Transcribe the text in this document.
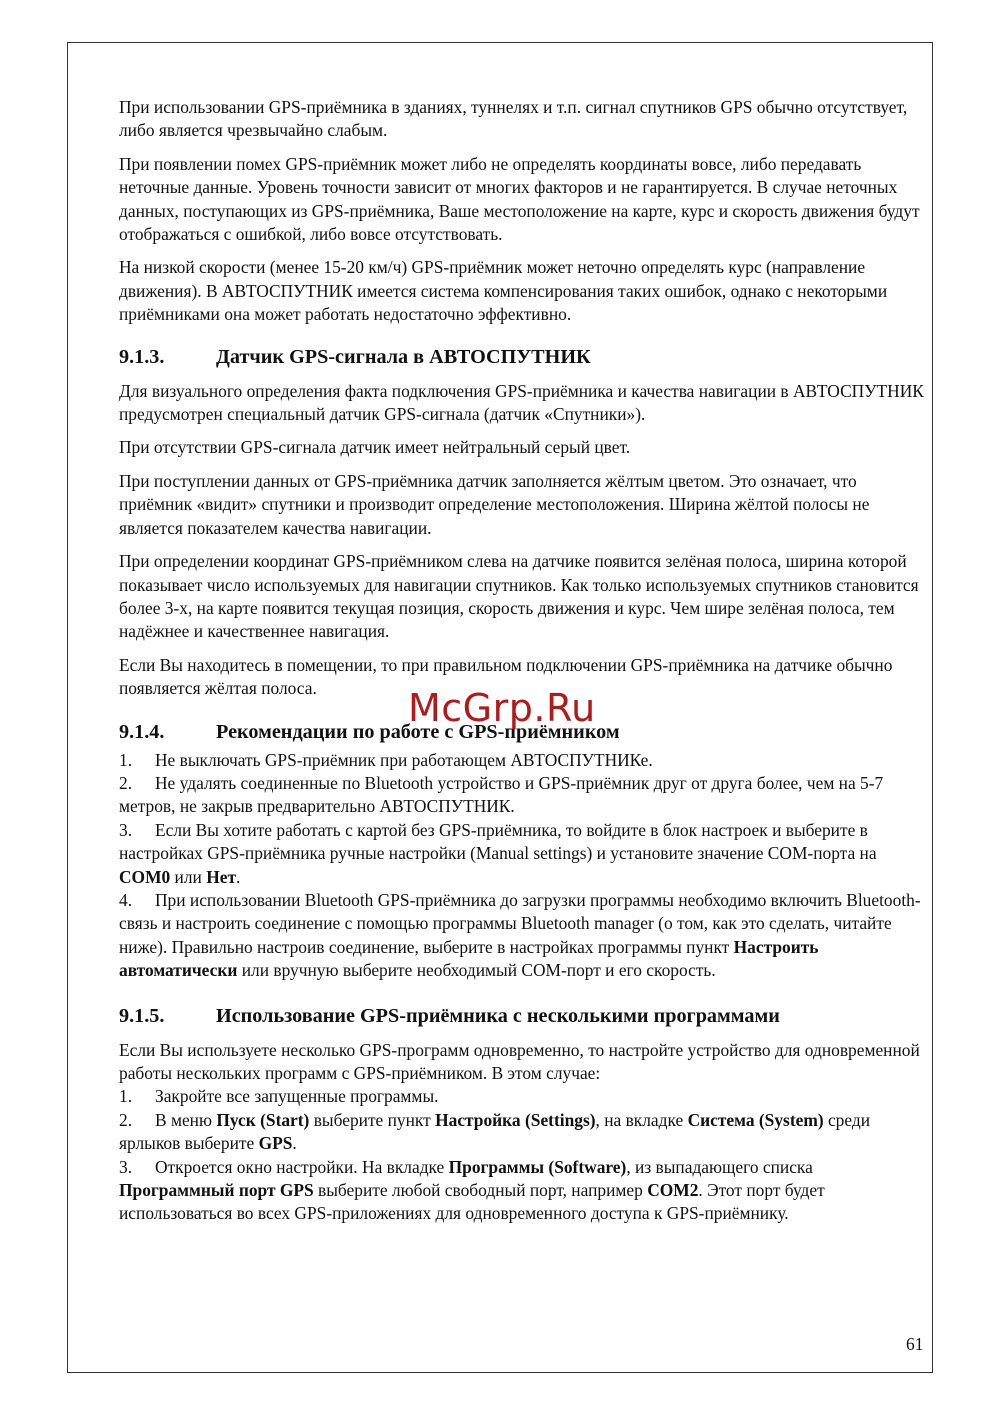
При использовании GPS-приёмника в зданиях, туннелях и т.п. сигнал спутников GPS обычно отсутствует, либо является чрезвычайно слабым.

При появлении помех GPS-приёмник может либо не определять координаты вовсе, либо передавать неточные данные. Уровень точности зависит от многих факторов и не гарантируется. В случае неточных данных, поступающих из GPS-приёмника, Ваше местоположение на карте, курс и скорость движения будут отображаться с ошибкой, либо вовсе отсутствовать.

На низкой скорости (менее 15-20 км/ч) GPS-приёмник может неточно определять курс (направление движения). В АВТОСПУТНИК имеется система компенсирования таких ошибок, однако с некоторыми приёмниками она может работать недостаточно эффективно.

9.1.3.	Датчик GPS-сигнала в АВТОСПУТНИК

Для визуального определения факта подключения GPS-приёмника и качества навигации в АВТОСПУТНИК предусмотрен специальный датчик GPS-сигнала (датчик «Спутники»).

При отсутствии GPS-сигнала датчик имеет нейтральный серый цвет.

При поступлении данных от GPS-приёмника датчик заполняется жёлтым цветом. Это означает, что приёмник «видит» спутники и производит определение местоположения. Ширина жёлтой полосы не является показателем качества навигации.

При определении координат GPS-приёмником слева на датчике появится зелёная полоса, ширина которой показывает число используемых для навигации спутников. Как только используемых спутников становится более 3-х, на карте появится текущая позиция, скорость движения и курс. Чем шире зелёная полоса, тем надёжнее и качественнее навигация.

Если Вы находитесь в помещении, то при правильном подключении GPS-приёмника на датчике обычно появляется жёлтая полоса.

9.1.4.	Рекомендации по работе с GPS-приёмником
1. Не выключать GPS-приёмник при работающем АВТОСПУТНИКе.
2. Не удалять соединенные по Bluetooth устройство и GPS-приёмник друг от друга более, чем на 5-7 метров, не закрыв предварительно АВТОСПУТНИК.
3. Если Вы хотите работать с картой без GPS-приёмника, то войдите в блок настроек и выберите в настройках GPS-приёмника ручные настройки (Manual settings) и установите значение COM-порта на COM0 или Нет.
4. При использовании Bluetooth GPS-приёмника до загрузки программы необходимо включить Bluetooth-связь и настроить соединение с помощью программы Bluetooth manager (о том, как это сделать, читайте ниже). Правильно настроив соединение, выберите в настройках программы пункт Настроить автоматически или вручную выберите необходимый COM-порт и его скорость.
9.1.5.	Использование GPS-приёмника с несколькими программами

Если Вы используете несколько GPS-программ одновременно, то настройте устройство для одновременной работы нескольких программ с GPS-приёмником. В этом случае:

1. Закройте все запущенные программы.
2. В меню Пуск (Start) выберите пункт Настройка (Settings), на вкладке Система (System) среди ярлыков выберите GPS.
3. Откроется окно настройки. На вкладке Программы (Software), из выпадающего списка Программный порт GPS выберите любой свободный порт, например COM2. Этот порт будет использоваться во всех GPS-приложениях для одновременного доступа к GPS-приёмнику.
McGrp.Ru
61
